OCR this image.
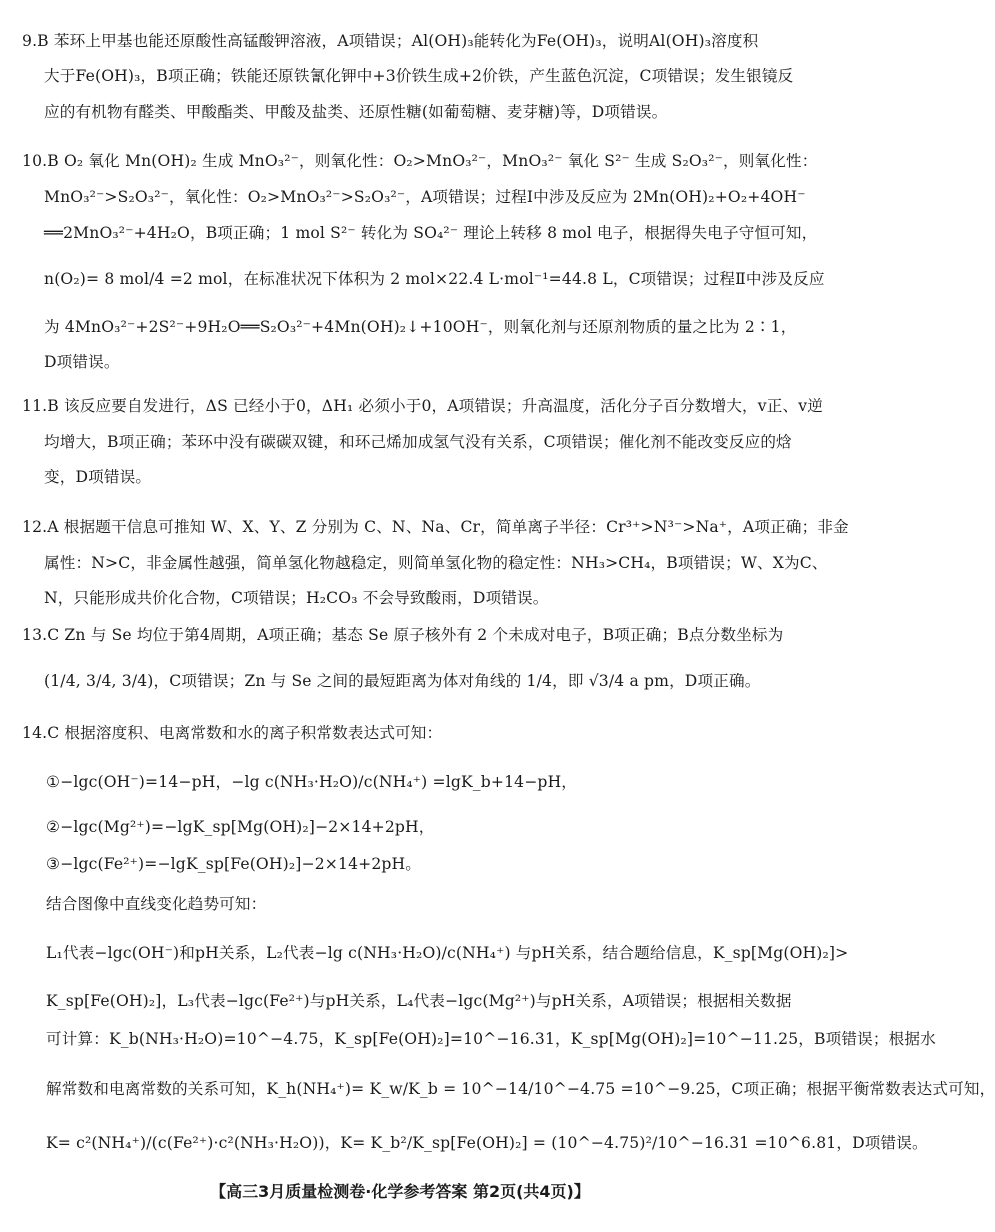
9.B 苯环上甲基也能还原酸性高锰酸钾溶液，A项错误；Al(OH)₃能转化为Fe(OH)₃，说明Al(OH)₃溶度积
大于Fe(OH)₃，B项正确；铁能还原铁氰化钾中+3价铁生成+2价铁，产生蓝色沉淀，C项错误；发生银镜反
应的有机物有醛类、甲酸酯类、甲酸及盐类、还原性糖(如葡萄糖、麦芽糖)等，D项错误。
10.B O₂ 氧化 Mn(OH)₂ 生成 MnO₃²⁻，则氧化性：O₂>MnO₃²⁻，MnO₃²⁻ 氧化 S²⁻ 生成 S₂O₃²⁻，则氧化性：
MnO₃²⁻>S₂O₃²⁻，氧化性：O₂>MnO₃²⁻>S₂O₃²⁻，A项错误；过程Ⅰ中涉及反应为 2Mn(OH)₂+O₂+4OH⁻
══2MnO₃²⁻+4H₂O，B项正确；1 mol S²⁻ 转化为 SO₄²⁻ 理论上转移 8 mol 电子，根据得失电子守恒可知，
n(O₂)= 8 mol/4 =2 mol，在标准状况下体积为 2 mol×22.4 L·mol⁻¹=44.8 L，C项错误；过程Ⅱ中涉及反应
为 4MnO₃²⁻+2S²⁻+9H₂O══S₂O₃²⁻+4Mn(OH)₂↓+10OH⁻，则氧化剂与还原剂物质的量之比为 2∶1，
D项错误。
11.B 该反应要自发进行，ΔS 已经小于0，ΔH₁ 必须小于0，A项错误；升高温度，活化分子百分数增大，v正、v逆
均增大，B项正确；苯环中没有碳碳双键，和环己烯加成氢气没有关系，C项错误；催化剂不能改变反应的焓
变，D项错误。
12.A 根据题干信息可推知 W、X、Y、Z 分别为 C、N、Na、Cr，简单离子半径：Cr³⁺>N³⁻>Na⁺，A项正确；非金
属性：N>C，非金属性越强，简单氢化物越稳定，则简单氢化物的稳定性：NH₃>CH₄，B项错误；W、X为C、
N，只能形成共价化合物，C项错误；H₂CO₃ 不会导致酸雨，D项错误。
13.C Zn 与 Se 均位于第4周期，A项正确；基态 Se 原子核外有 2 个未成对电子，B项正确；B点分数坐标为
(1/4, 3/4, 3/4)，C项错误；Zn 与 Se 之间的最短距离为体对角线的 1/4，即 √3/4 a pm，D项正确。
14.C 根据溶度积、电离常数和水的离子积常数表达式可知：
①−lgc(OH⁻)=14−pH，−lg c(NH₃·H₂O)/c(NH₄⁺) =lgK_b+14−pH，
②−lgc(Mg²⁺)=−lgK_sp[Mg(OH)₂]−2×14+2pH，
③−lgc(Fe²⁺)=−lgK_sp[Fe(OH)₂]−2×14+2pH。
结合图像中直线变化趋势可知：
L₁代表−lgc(OH⁻)和pH关系，L₂代表−lg c(NH₃·H₂O)/c(NH₄⁺) 与pH关系，结合题给信息，K_sp[Mg(OH)₂]>
K_sp[Fe(OH)₂]，L₃代表−lgc(Fe²⁺)与pH关系，L₄代表−lgc(Mg²⁺)与pH关系，A项错误；根据相关数据
可计算：K_b(NH₃·H₂O)=10^−4.75，K_sp[Fe(OH)₂]=10^−16.31，K_sp[Mg(OH)₂]=10^−11.25，B项错误；根据水
解常数和电离常数的关系可知，K_h(NH₄⁺)= K_w/K_b = 10^−14/10^−4.75 =10^−9.25，C项正确；根据平衡常数表达式可知，
K= c²(NH₄⁺)/(c(Fe²⁺)·c²(NH₃·H₂O))，K= K_b²/K_sp[Fe(OH)₂] = (10^−4.75)²/10^−16.31 =10^6.81，D项错误。
【高三3月质量检测卷·化学参考答案 第2页(共4页)】
